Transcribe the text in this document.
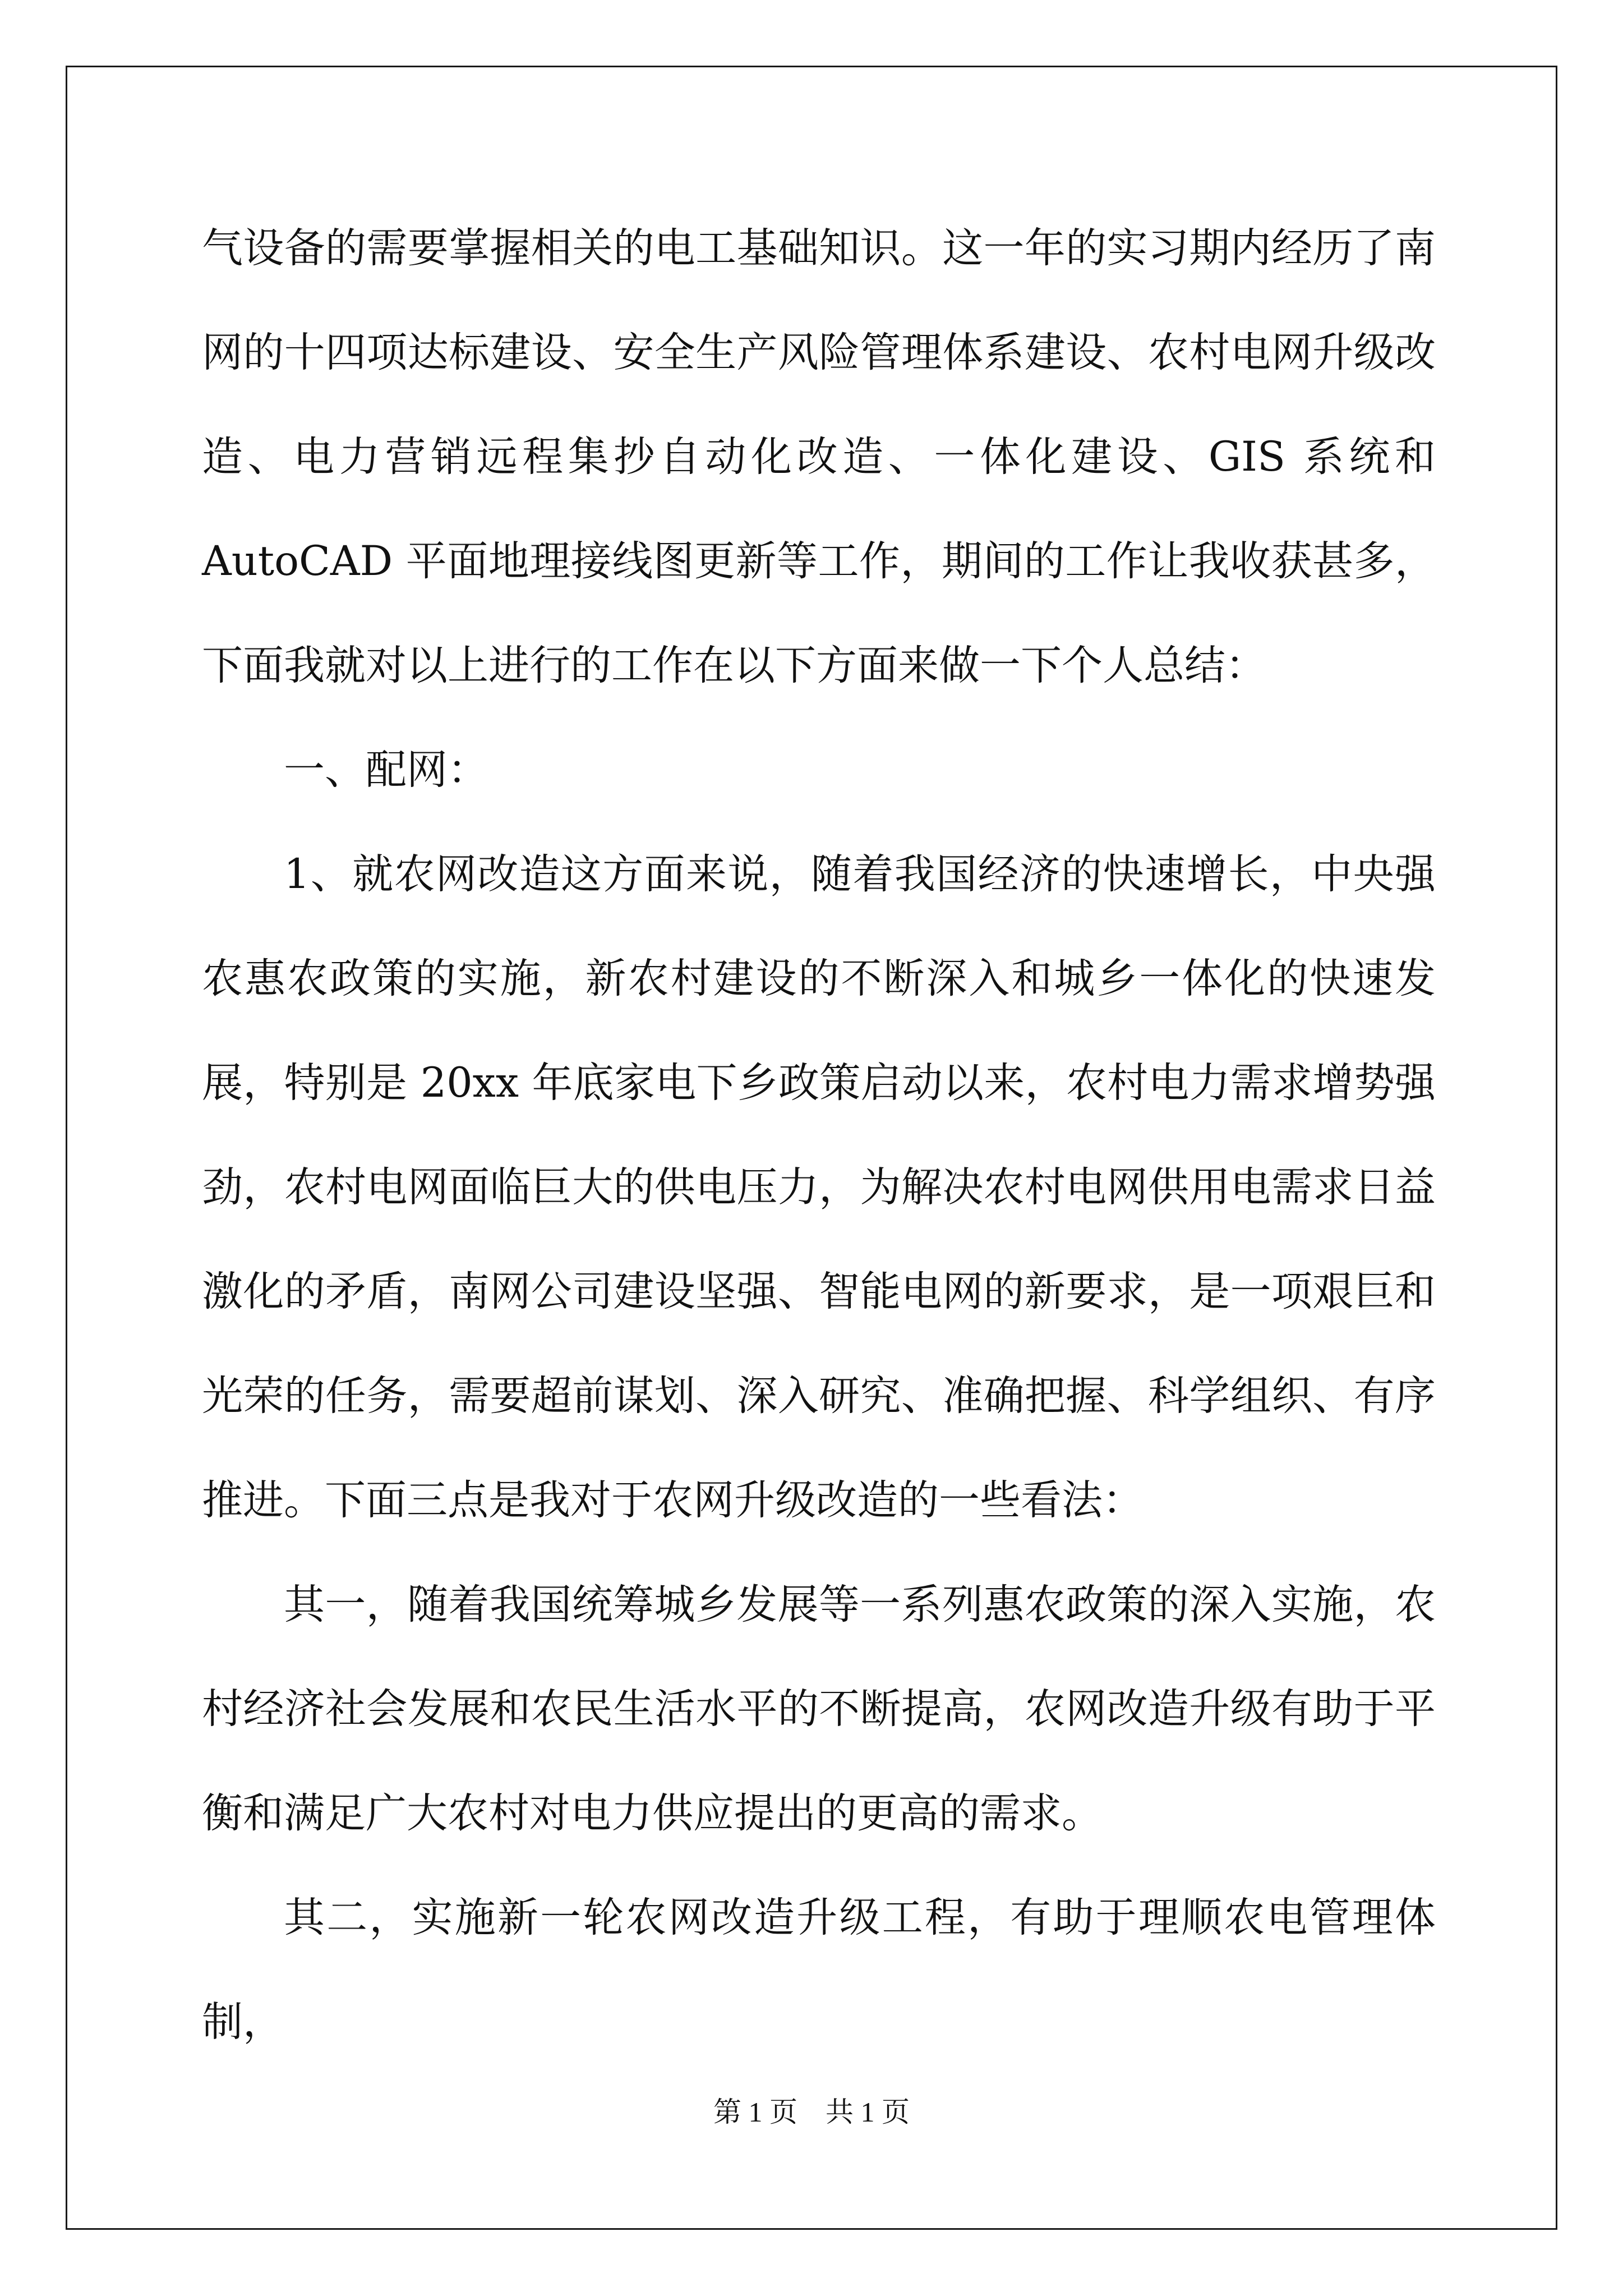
气设备的需要掌握相关的电工基础知识。这一年的实习期内经历了南网的十四项达标建设、安全生产风险管理体系建设、农村电网升级改造、电力营销远程集抄自动化改造、一体化建设、GIS 系统和 AutoCAD 平面地理接线图更新等工作，期间的工作让我收获甚多，下面我就对以上进行的工作在以下方面来做一下个人总结：

一、配网：

1、就农网改造这方面来说，随着我国经济的快速增长，中央强农惠农政策的实施，新农村建设的不断深入和城乡一体化的快速发展，特别是 20xx 年底家电下乡政策启动以来，农村电力需求增势强劲，农村电网面临巨大的供电压力，为解决农村电网供用电需求日益激化的矛盾，南网公司建设坚强、智能电网的新要求，是一项艰巨和光荣的任务，需要超前谋划、深入研究、准确把握、科学组织、有序推进。下面三点是我对于农网升级改造的一些看法：

其一，随着我国统筹城乡发展等一系列惠农政策的深入实施，农村经济社会发展和农民生活水平的不断提高，农网改造升级有助于平衡和满足广大农村对电力供应提出的更高的需求。

其二，实施新一轮农网改造升级工程，有助于理顺农电管理体制，

第 1 页    共 1 页
